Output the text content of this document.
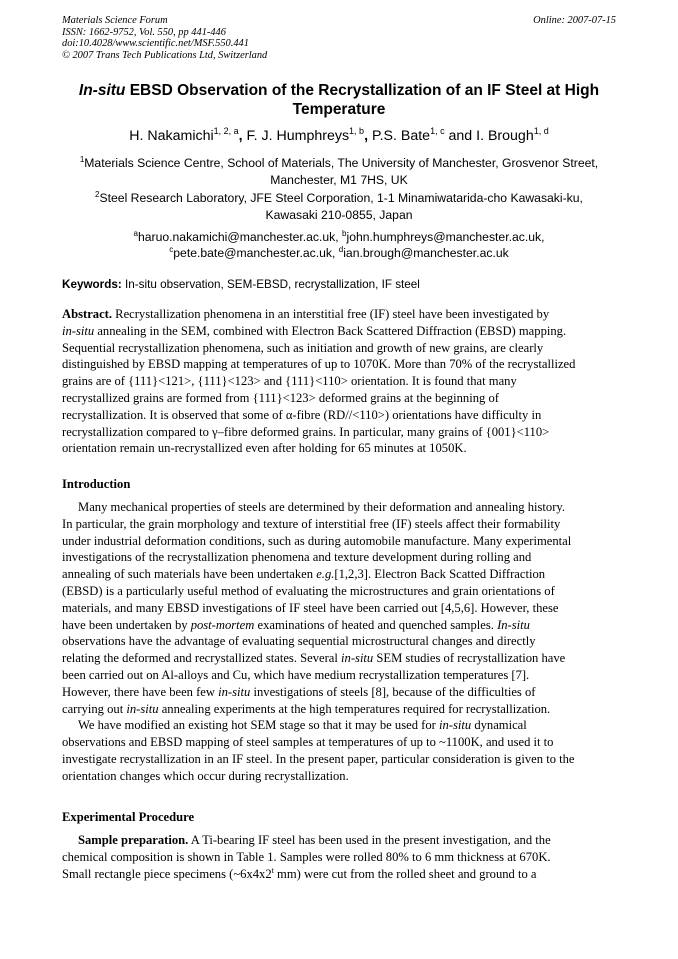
Materials Science Forum
ISSN: 1662-9752, Vol. 550, pp 441-446
doi:10.4028/www.scientific.net/MSF.550.441
© 2007 Trans Tech Publications Ltd, Switzerland
Online: 2007-07-15
In-situ EBSD Observation of the Recrystallization of an IF Steel at High
Temperature
H. Nakamichi$^{1, 2, a}$, F. J. Humphreys$^{1, b}$, P.S. Bate$^{1, c}$ and I. Brough$^{1, d}$
$^1$Materials Science Centre, School of Materials, The University of Manchester, Grosvenor Street,
Manchester, M1 7HS, UK
$^2$Steel Research Laboratory, JFE Steel Corporation, 1-1 Minamiwatarida-cho Kawasaki-ku,
Kawasaki 210-0855, Japan
$^a$haruo.nakamichi@manchester.ac.uk, $^b$john.humphreys@manchester.ac.uk,
$^c$pete.bate@manchester.ac.uk, $^d$ian.brough@manchester.ac.uk
Keywords: In-situ observation, SEM-EBSD, recrystallization, IF steel
Abstract. Recrystallization phenomena in an interstitial free (IF) steel have been investigated by
in-situ annealing in the SEM, combined with Electron Back Scattered Diffraction (EBSD) mapping.
Sequential recrystallization phenomena, such as initiation and growth of new grains, are clearly
distinguished by EBSD mapping at temperatures of up to 1070K. More than 70% of the recrystallized
grains are of {111}<121>, {111}<123> and {111}<110> orientation. It is found that many
recrystallized grains are formed from {111}<123> deformed grains at the beginning of
recrystallization. It is observed that some of α-fibre (RD//<110>) orientations have difficulty in
recrystallization compared to γ–fibre deformed grains. In particular, many grains of {001}<110>
orientation remain un-recrystallized even after holding for 65 minutes at 1050K.
Introduction
Many mechanical properties of steels are determined by their deformation and annealing history.
In particular, the grain morphology and texture of interstitial free (IF) steels affect their formability
under industrial deformation conditions, such as during automobile manufacture. Many experimental
investigations of the recrystallization phenomena and texture development during rolling and
annealing of such materials have been undertaken e.g.[1,2,3]. Electron Back Scatted Diffraction
(EBSD) is a particularly useful method of evaluating the microstructures and grain orientations of
materials, and many EBSD investigations of IF steel have been carried out [4,5,6]. However, these
have been undertaken by post-mortem examinations of heated and quenched samples. In-situ
observations have the advantage of evaluating sequential microstructural changes and directly
relating the deformed and recrystallized states. Several in-situ SEM studies of recrystallization have
been carried out on Al-alloys and Cu, which have medium recrystallization temperatures [7].
However, there have been few in-situ investigations of steels [8], because of the difficulties of
carrying out in-situ annealing experiments at the high temperatures required for recrystallization.
We have modified an existing hot SEM stage so that it may be used for in-situ dynamical
observations and EBSD mapping of steel samples at temperatures of up to ~1100K, and used it to
investigate recrystallization in an IF steel. In the present paper, particular consideration is given to the
orientation changes which occur during recrystallization.
Experimental Procedure
Sample preparation. A Ti-bearing IF steel has been used in the present investigation, and the
chemical composition is shown in Table 1. Samples were rolled 80% to 6 mm thickness at 670K.
Small rectangle piece specimens (~6x4x2$^t$ mm) were cut from the rolled sheet and ground to a
